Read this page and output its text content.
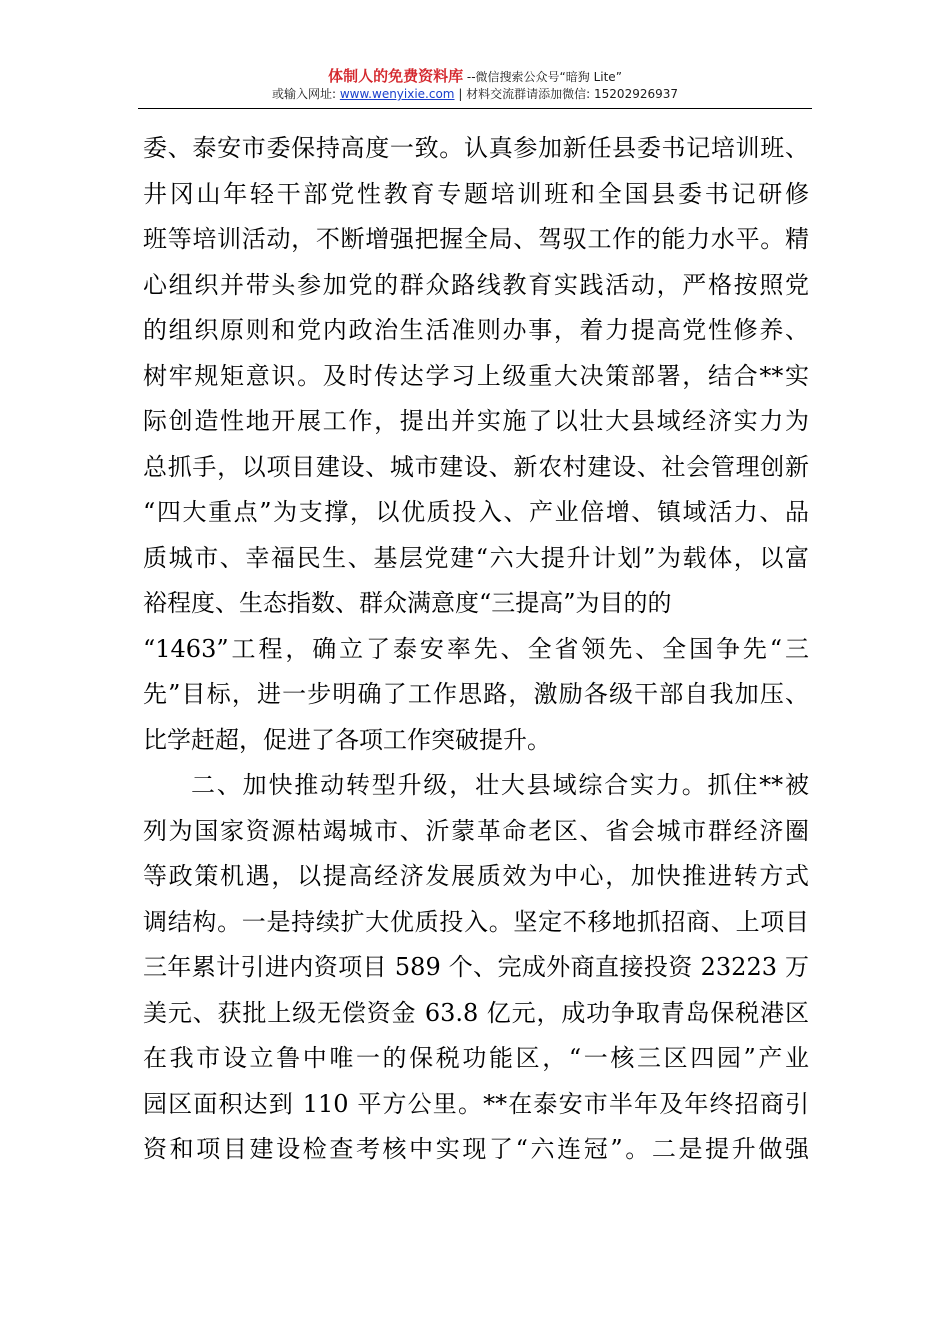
体制人的免费资料库 --微信搜索公众号“暗狗 Lite”
或输入网址: www.wenyixie.com | 材料交流群请添加微信: 15202926937
委、泰安市委保持高度一致。认真参加新任县委书记培训班、
井冈山年轻干部党性教育专题培训班和全国县委书记研修
班等培训活动，不断增强把握全局、驾驭工作的能力水平。精
心组织并带头参加党的群众路线教育实践活动，严格按照党
的组织原则和党内政治生活准则办事，着力提高党性修养、
树牢规矩意识。及时传达学习上级重大决策部署，结合**实
际创造性地开展工作，提出并实施了以壮大县域经济实力为
总抓手，以项目建设、城市建设、新农村建设、社会管理创新
“四大重点”为支撑，以优质投入、产业倍增、镇域活力、品
质城市、幸福民生、基层党建“六大提升计划”为载体，以富
裕程度、生态指数、群众满意度“三提高”为目的的
“1463”工程，确立了泰安率先、全省领先、全国争先“三
先”目标，进一步明确了工作思路，激励各级干部自我加压、
比学赶超，促进了各项工作突破提升。
二、加快推动转型升级，壮大县域综合实力。抓住**被
列为国家资源枯竭城市、沂蒙革命老区、省会城市群经济圈
等政策机遇，以提高经济发展质效为中心，加快推进转方式
调结构。一是持续扩大优质投入。坚定不移地抓招商、上项目
三年累计引进内资项目 589 个、完成外商直接投资 23223 万
美元、获批上级无偿资金 63.8 亿元，成功争取青岛保税港区
在我市设立鲁中唯一的保税功能区，“一核三区四园”产业
园区面积达到 110 平方公里。**在泰安市半年及年终招商引
资和项目建设检查考核中实现了“六连冠”。二是提升做强
